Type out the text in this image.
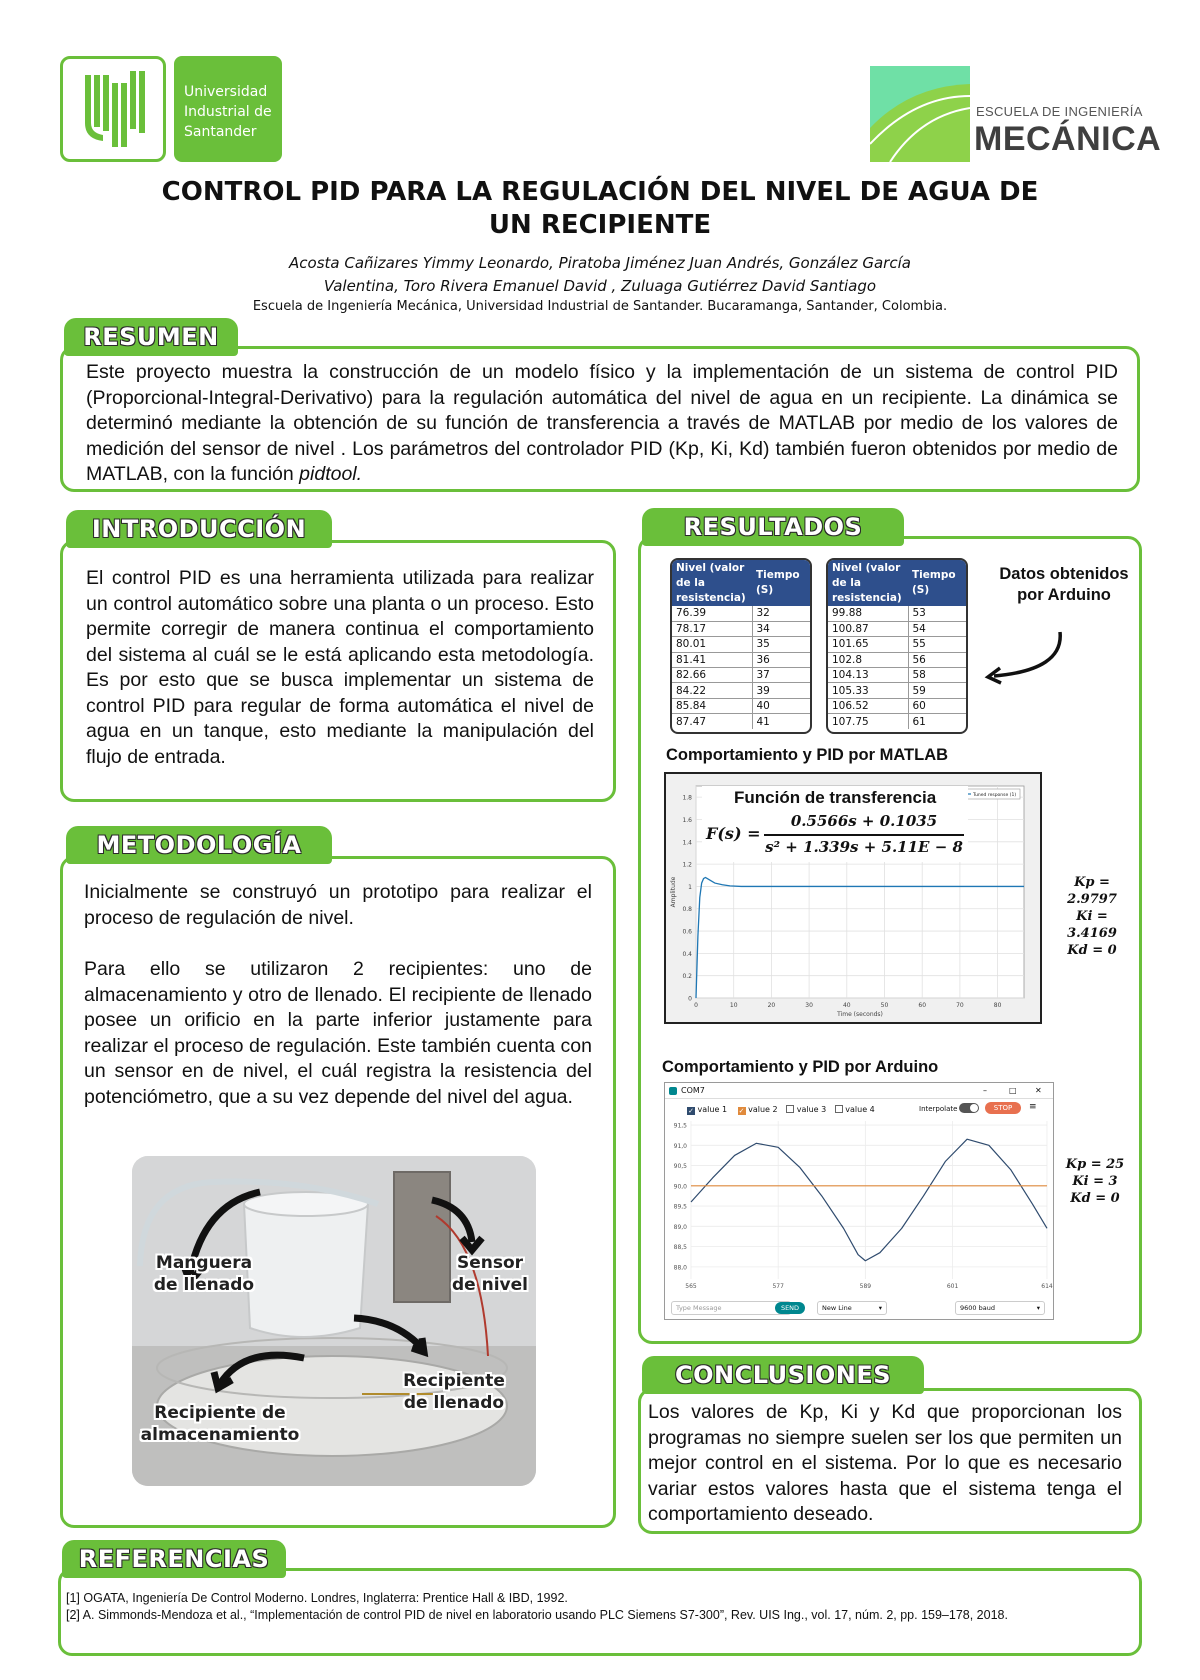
Universidad
Industrial de
Santander
ESCUELA DE INGENIERÍA
MECÁNICA
CONTROL PID PARA LA REGULACIÓN DEL NIVEL DE AGUA DE
UN RECIPIENTE
Acosta Cañizares Yimmy Leonardo, Piratoba Jiménez Juan Andrés, González García
Valentina, Toro Rivera Emanuel David , Zuluaga Gutiérrez David Santiago
Escuela de Ingeniería Mecánica, Universidad Industrial de Santander. Bucaramanga, Santander, Colombia.
RESUMEN
Este proyecto muestra la construcción de un modelo físico y la implementación de un sistema de control PID (Proporcional-Integral-Derivativo) para la regulación automática del nivel de agua en un recipiente. La dinámica se determinó mediante la obtención de su función de transferencia a través de MATLAB por medio de los valores de medición del sensor de nivel . Los parámetros del controlador PID (Kp, Ki, Kd) también fueron obtenidos por medio de MATLAB, con la función pidtool.
INTRODUCCIÓN
El control PID es una herramienta utilizada para realizar un control automático sobre una planta o un proceso. Esto permite corregir de manera continua el comportamiento del sistema al cuál se le está aplicando esta metodología. Es por esto que se busca implementar un sistema de control PID para regular de forma automática el nivel de agua en un tanque, esto mediante la manipulación del flujo de entrada.
METODOLOGÍA
Inicialmente se construyó un prototipo para realizar el proceso de regulación de nivel.
Para ello se utilizaron 2 recipientes: uno de almacenamiento y otro de llenado. El recipiente de llenado posee un orificio en la parte inferior justamente para realizar el proceso de regulación. Este también cuenta con un sensor en de nivel, el cuál registra la resistencia del potenciómetro, que a su vez depende del nivel del agua.
Manguera de llenado
Sensor de nivel
Recipiente de llenado
Recipiente de almacenamiento
RESULTADOS
Nivel (valor de la resistencia)	Tiempo (S)
76.39	32
78.17	34
80.01	35
81.41	36
82.66	37
84.22	39
85.84	40
87.47	41
Nivel (valor de la resistencia)	Tiempo (S)
99.88	53
100.87	54
101.65	55
102.8	56
104.13	58
105.33	59
106.52	60
107.75	61
Datos obtenidos por Arduino
Comportamiento y PID por MATLAB
0
0.2
0.4
0.6
0.8
1
1.2
1.4
1.6
1.8
0	10	20	30	40	50	60	70	80
Time (seconds)
Amplitude
Tuned response (1)
Función de transferencia
F(s) =
0.5566s + 0.1035
s² + 1.339s + 5.11E − 8
Kp = 2.9797
Ki = 3.4169
Kd = 0
Comportamiento y PID por Arduino
COM7	–	□ ✕
✓ value 1 ✓ value 2 value 3 value 4	Interpolate	STOP	≡
88,0
88,5
89,0
89,5
90,0
90,5
91,0
91,5
565	577	589	601	614
Type Message	SEND	New Line	▾	9600 baud	▾
Kp = 25
Ki = 3
Kd = 0
CONCLUSIONES
Los valores de Kp, Ki y Kd que proporcionan los programas no siempre suelen ser los que permiten un mejor control en el sistema. Por lo que es necesario variar estos valores hasta que el sistema tenga el comportamiento deseado.
REFERENCIAS
[1] OGATA, Ingeniería De Control Moderno. Londres, Inglaterra: Prentice Hall & IBD, 1992.
[2] A. Simmonds-Mendoza et al., “Implementación de control PID de nivel en laboratorio usando PLC Siemens S7-300”, Rev. UIS Ing., vol. 17, núm. 2, pp. 159–178, 2018.
